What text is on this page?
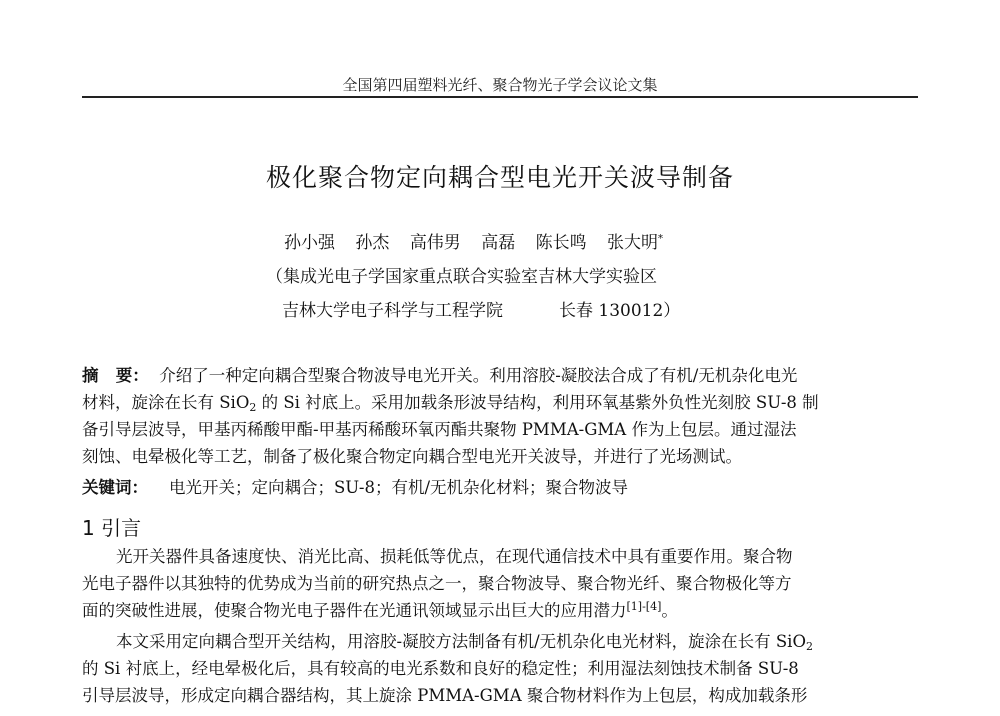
全国第四届塑料光纤、聚合物光子学会议论文集
极化聚合物定向耦合型电光开关波导制备
孙小强 孙杰 高伟男 高磊 陈长鸣 张大明*
（集成光电子学国家重点联合实验室吉林大学实验区
吉林大学电子科学与工程学院	长春 130012）
摘   要： 介绍了一种定向耦合型聚合物波导电光开关。利用溶胶-凝胶法合成了有机/无机杂化电光
材料，旋涂在长有 SiO$_2$ 的 Si 衬底上。采用加载条形波导结构，利用环氧基紫外负性光刻胶 SU-8 制
备引导层波导，甲基丙稀酸甲酯-甲基丙稀酸环氧丙酯共聚物 PMMA-GMA 作为上包层。通过湿法
刻蚀、电晕极化等工艺，制备了极化聚合物定向耦合型电光开关波导，并进行了光场测试。
关键词： 电光开关；定向耦合；SU-8；有机/无机杂化材料；聚合物波导
1 引言
光开关器件具备速度快、消光比高、损耗低等优点，在现代通信技术中具有重要作用。聚合物
光电子器件以其独特的优势成为当前的研究热点之一，聚合物波导、聚合物光纤、聚合物极化等方
面的突破性进展，使聚合物光电子器件在光通讯领域显示出巨大的应用潜力[1]-[4]。
本文采用定向耦合型开关结构，用溶胶-凝胶方法制备有机/无机杂化电光材料，旋涂在长有 SiO$_2$
的 Si 衬底上，经电晕极化后，具有较高的电光系数和良好的稳定性；利用湿法刻蚀技术制备 SU-8
引导层波导，形成定向耦合器结构，其上旋涂 PMMA-GMA 聚合物材料作为上包层，构成加载条形
